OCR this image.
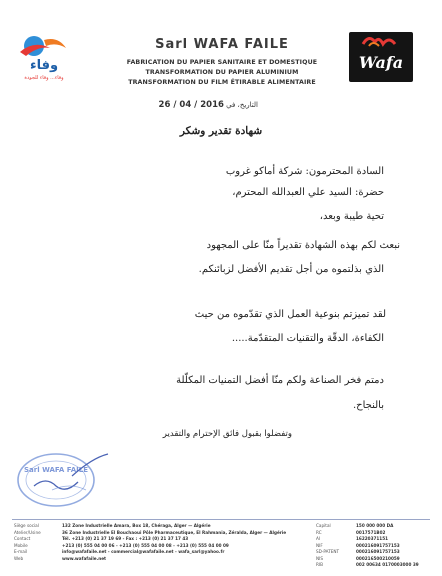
وفاء
وفاء... وفاء للجودة
Sarl WAFA FAILE
FABRICATION DU PAPIER SANITAIRE ET DOMESTIQUE
TRANSFORMATION DU PAPIER ALUMINIUM
TRANSFORMATION DU FILM ÉTIRABLE ALIMENTAIRE
Wafa
التاريخ، في 26 / 04 / 2016
شهادة تقدير وشكر
السادة المحترمون: شركة أماكو غروب
حضرة: السيد علي العبدالله المحترم،
تحية طيبة وبعد،
نبعث لكم بهذه الشهادة تقديراً منّا على المجهود
الذي بذلتموه من أجل تقديم الأفضل لزبائنكم.
لقد تميزتم بنوعية العمل الذي تقدّموه من حيث
الكفاءة، الدقّة والتقنيات المتقدّمة.....
دمتم فخر الصناعة ولكم منّا أفضل التمنيات المكلّلة
بالنجاح.
وتفضلوا بقبول فائق الإحترام والتقدير
Sarl WAFA FAILE
Siège social
Atelier/Usine
Contact
Mobile
E-mail
Web
132 Zone Industrielle Amara, Box 18, Chéraga, Alger — Algérie
36 Zone Industrielle El Bouchaoui Pôle Pharmaceutique, El Rahmania, Zéralda, Alger — Algérie
Tél. +213 (0) 21 37 19 69 - Fax : +213 (0) 21 37 17 43
+213 (0) 555 04 00 06 - +213 (0) 555 04 00 08 - +213 (0) 555 04 00 09
info@wafafaile.net - commercial@wafafaile.net - wafa_sarl@yahoo.fr
www.wafafaile.net
Capital
RC
AI
NIF
SD-PATENT
NIS
RIB
150 000 000 DA
0017571B02
16220371151
000216091757153
000216091757153
000216500210059
002 00634 0170003000 39
